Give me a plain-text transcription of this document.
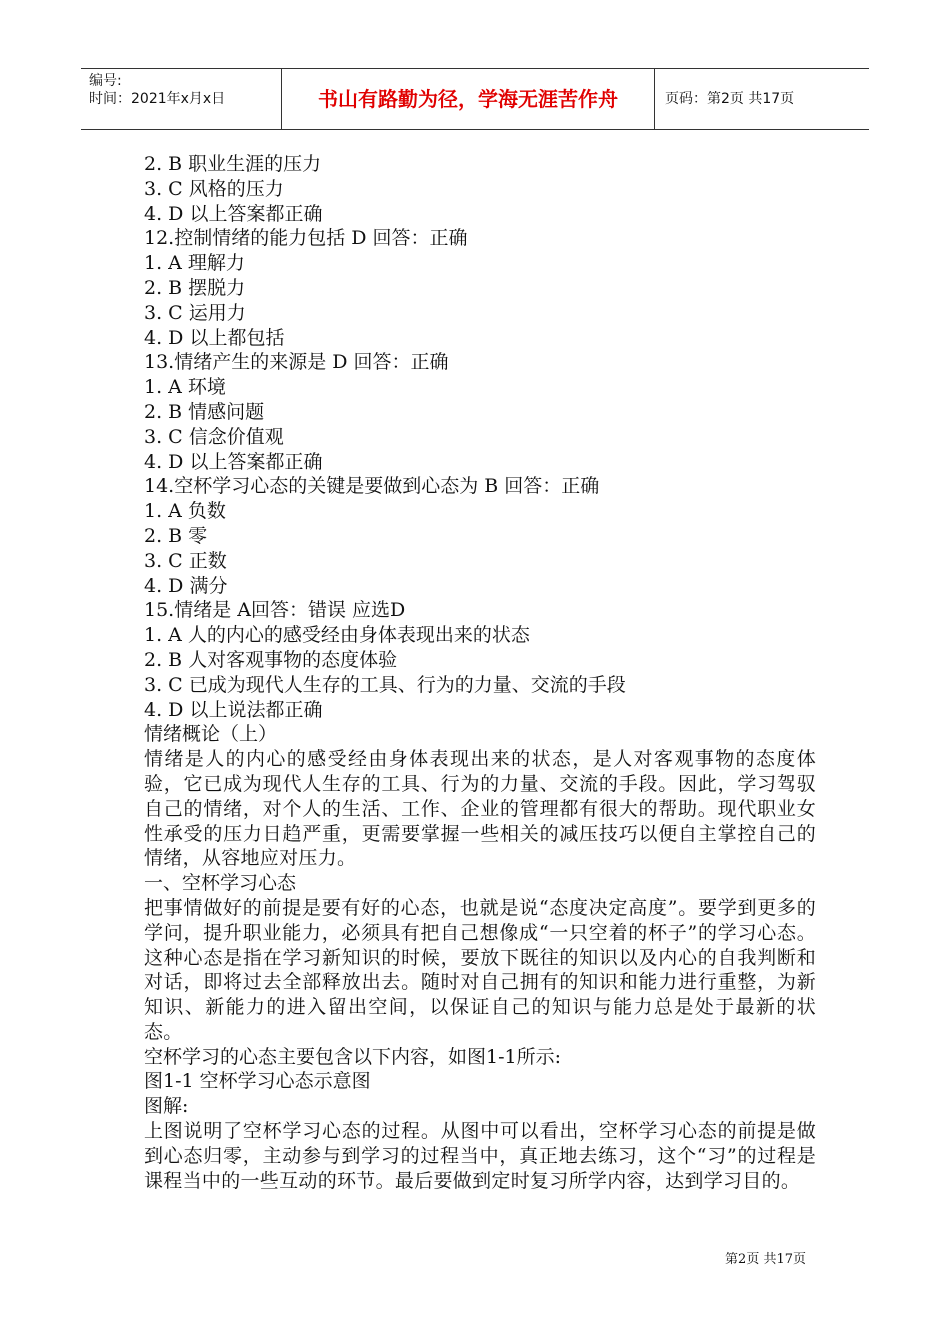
编号:
时间：2021年x月x日	书山有路勤为径，学海无涯苦作舟	页码：第2页 共17页
2. B 职业生涯的压力
3. C 风格的压力
4. D 以上答案都正确
12.控制情绪的能力包括 D 回答：正确
1. A 理解力
2. B 摆脱力
3. C 运用力
4. D 以上都包括
13.情绪产生的来源是 D 回答：正确
1. A 环境
2. B 情感问题
3. C 信念价值观
4. D 以上答案都正确
14.空杯学习心态的关键是要做到心态为 B 回答：正确
1. A 负数
2. B 零
3. C 正数
4. D 满分
15.情绪是 A回答：错误 应选D
1. A 人的内心的感受经由身体表现出来的状态
2. B 人对客观事物的态度体验
3. C 已成为现代人生存的工具、行为的力量、交流的手段
4. D 以上说法都正确
情绪概论（上）
情绪是人的内心的感受经由身体表现出来的状态，是人对客观事物的态度体验，它已成为现代人生存的工具、行为的力量、交流的手段。因此，学习驾驭自己的情绪，对个人的生活、工作、企业的管理都有很大的帮助。现代职业女性承受的压力日趋严重，更需要掌握一些相关的减压技巧以便自主掌控自己的情绪，从容地应对压力。
一、空杯学习心态
把事情做好的前提是要有好的心态，也就是说“态度决定高度”。要学到更多的学问，提升职业能力，必须具有把自己想像成“一只空着的杯子”的学习心态。这种心态是指在学习新知识的时候，要放下既往的知识以及内心的自我判断和对话，即将过去全部释放出去。随时对自己拥有的知识和能力进行重整，为新知识、新能力的进入留出空间，以保证自己的知识与能力总是处于最新的状态。
空杯学习的心态主要包含以下内容，如图1-1所示:
图1-1 空杯学习心态示意图
图解:
上图说明了空杯学习心态的过程。从图中可以看出，空杯学习心态的前提是做到心态归零，主动参与到学习的过程当中，真正地去练习，这个“习”的过程是课程当中的一些互动的环节。最后要做到定时复习所学内容，达到学习目的。
第2页 共17页
